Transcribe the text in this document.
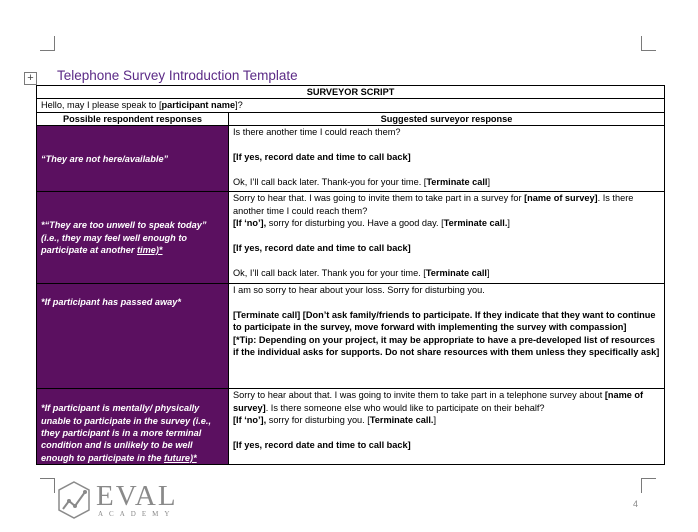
+ Telephone Survey Introduction Template
SURVEYOR SCRIPT	
Hello, may I please speak to [participant name]?	
Possible respondent responses	Suggested surveyor response
“They are not here/available”	Is there another time I could reach them?

[If yes, record date and time to call back]

Ok, I’ll call back later. Thank-you for your time. [Terminate call]

*“They are too unwell to speak today” (i.e., they may feel well enough to participate at another time)*	Sorry to hear that. I was going to invite them to take part in a survey for [name of survey]. Is there another time I could reach them?

[If ‘no’], sorry for disturbing you. Have a good day. [Terminate call.]

[If yes, record date and time to call back]

Ok, I’ll call back later. Thank you for your time. [Terminate call]

*If participant has passed away*	I am so sorry to hear about your loss. Sorry for disturbing you.

[Terminate call] [Don’t ask family/friends to participate. If they indicate that they want to continue to participate in the survey, move forward with implementing the survey with compassion]

[*Tip: Depending on your project, it may be appropriate to have a pre-developed list of resources if the individual asks for supports. Do not share resources with them unless they specifically ask]

*If participant is mentally/ physically unable to participate in the survey (i.e., they participant is in a more terminal condition and is unlikely to be well enough to participate in the future)*	Sorry to hear about that. I was going to invite them to take part in a telephone survey about [name of survey]. Is there someone else who would like to participate on their behalf?

[If ‘no’], sorry for disturbing you. [Terminate call.]

[If yes, record date and time to call back]

EVAL
ACADEMY
4
